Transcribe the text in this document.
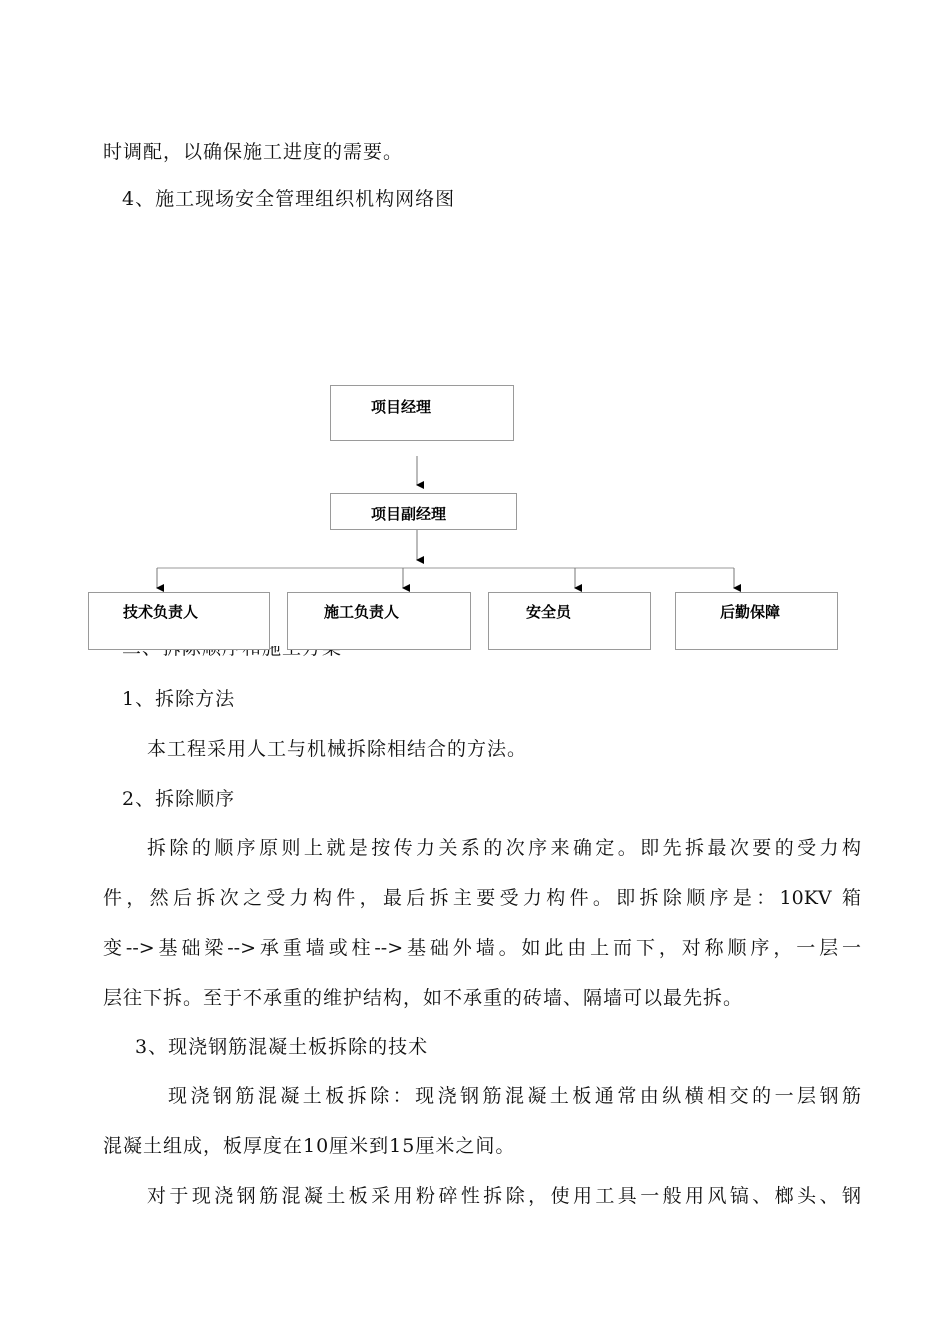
时调配，以确保施工进度的需要。
4、施工现场安全管理组织机构网络图
项目经理
项目副经理
技术负责人	施工负责人	安全员	后勤保障
1、拆除方法
本工程采用人工与机械拆除相结合的方法。
2、拆除顺序
拆除的顺序原则上就是按传力关系的次序来确定。即先拆最次要的受力构
件，然后拆次之受力构件，最后拆主要受力构件。即拆除顺序是：10KV 箱
变-->基础梁-->承重墙或柱-->基础外墙。如此由上而下，对称顺序，一层一
层往下拆。至于不承重的维护结构，如不承重的砖墙、隔墙可以最先拆。
3、现浇钢筋混凝土板拆除的技术
现浇钢筋混凝土板拆除：现浇钢筋混凝土板通常由纵横相交的一层钢筋
混凝土组成，板厚度在10厘米到15厘米之间。
对于现浇钢筋混凝土板采用粉碎性拆除，使用工具一般用风镐、榔头、钢
